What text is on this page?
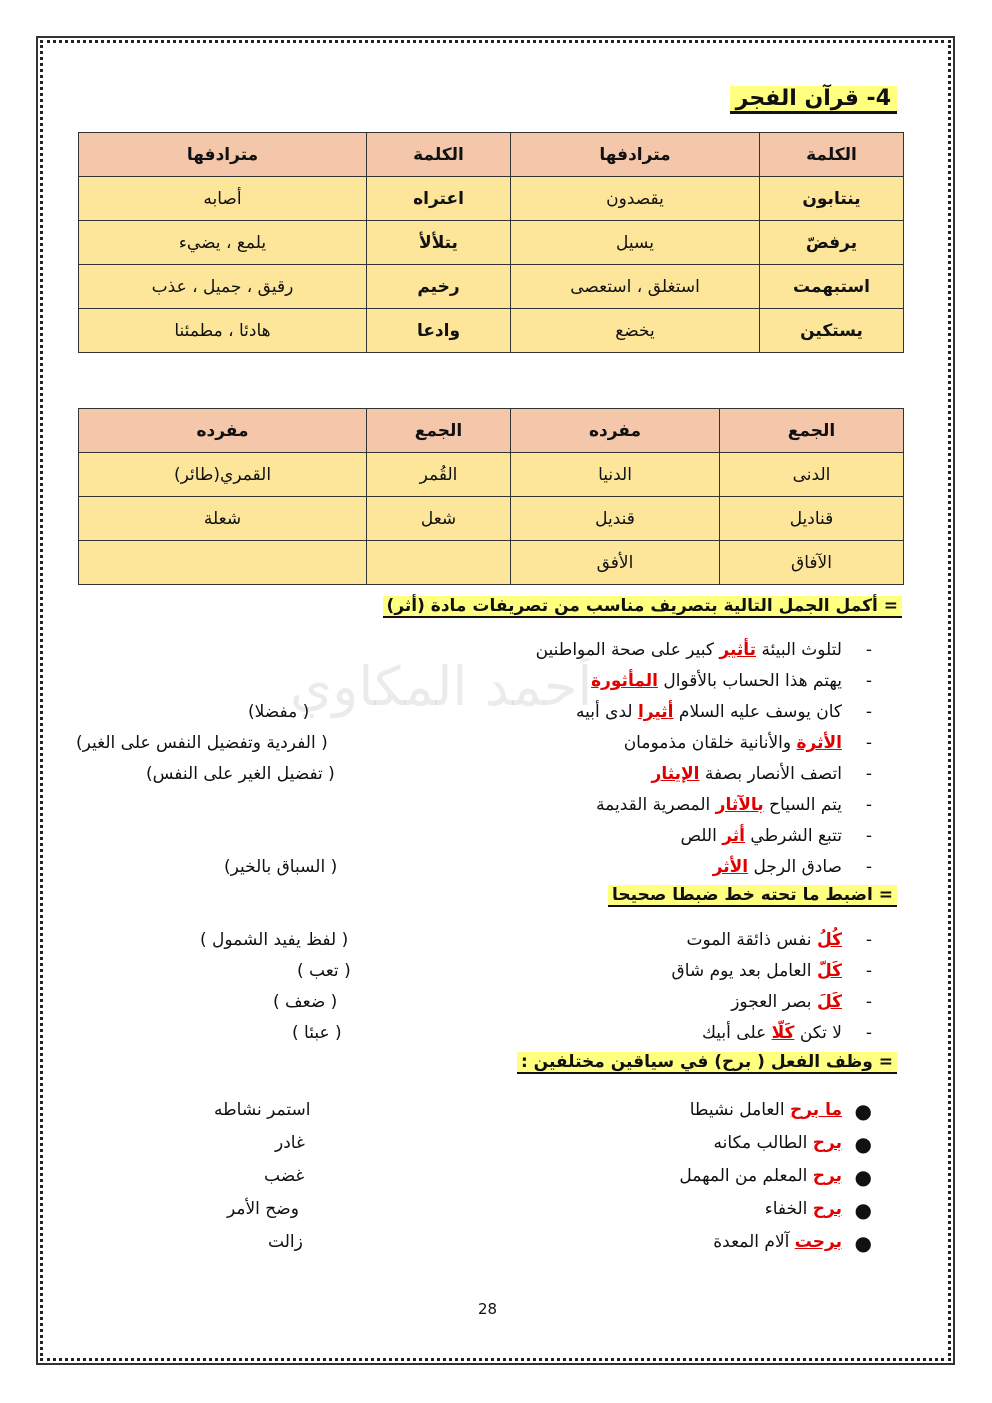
أحمد المكاوي
4- قرآن الفجر
الكلمة	مترادفها	الكلمة	مترادفها
ينتابون	يقصدون	اعتراه	أصابه
يرفضّ	يسيل	يتلألأ	يلمع ، يضيء
استبهمت	استغلق ، استعصى	رخيم	رقيق ، جميل ، عذب
يستكين	يخضع	وادعا	هادئا ، مطمئنا
الجمع	مفرده	الجمع	مفرده
الدنى	الدنيا	القُمر	القمري(طائر)
قناديل	قنديل	شعل	شعلة
الآفاق	الأفق		
= أكمل الجمل التالية بتصريف مناسب من تصريفات مادة (أثر)
-
لتلوث البيئة تأثير كبير على صحة المواطنين
-
يهتم هذا الحساب بالأقوال المأثورة
-
كان يوسف عليه السلام أثيرا لدى أبيه
-
الأثرة والأنانية خلقان مذمومان
-
اتصف الأنصار بصفة الإيثار
-
يتم السياح بالآثار المصرية القديمة
-
تتبع الشرطي أثر اللص
-
صادق الرجل الأثر
( مفضلا)
( الفردية وتفضيل النفس على الغير)
( تفضيل الغير على النفس)
( السباق بالخير)
= اضبط ما تحته خط ضبطا صحيحا
-
كُلُ نفس ذائقة الموت
-
كَلّ العامل بعد يوم شاق
-
كَلَ بصر العجوز
-
لا تكن كَلّا على أبيك
( لفظ يفيد الشمول )
( تعب )
( ضعف )
( عبئا )
= وظف الفعل ( برح) في سياقين مختلفين :
●
ما برح العامل نشيطا
●
برح الطالب مكانه
●
برح المعلم من المهمل
●
برح الخفاء
●
برحت آلام المعدة
استمر نشاطه
غادر
غضب
وضح الأمر
زالت
28
